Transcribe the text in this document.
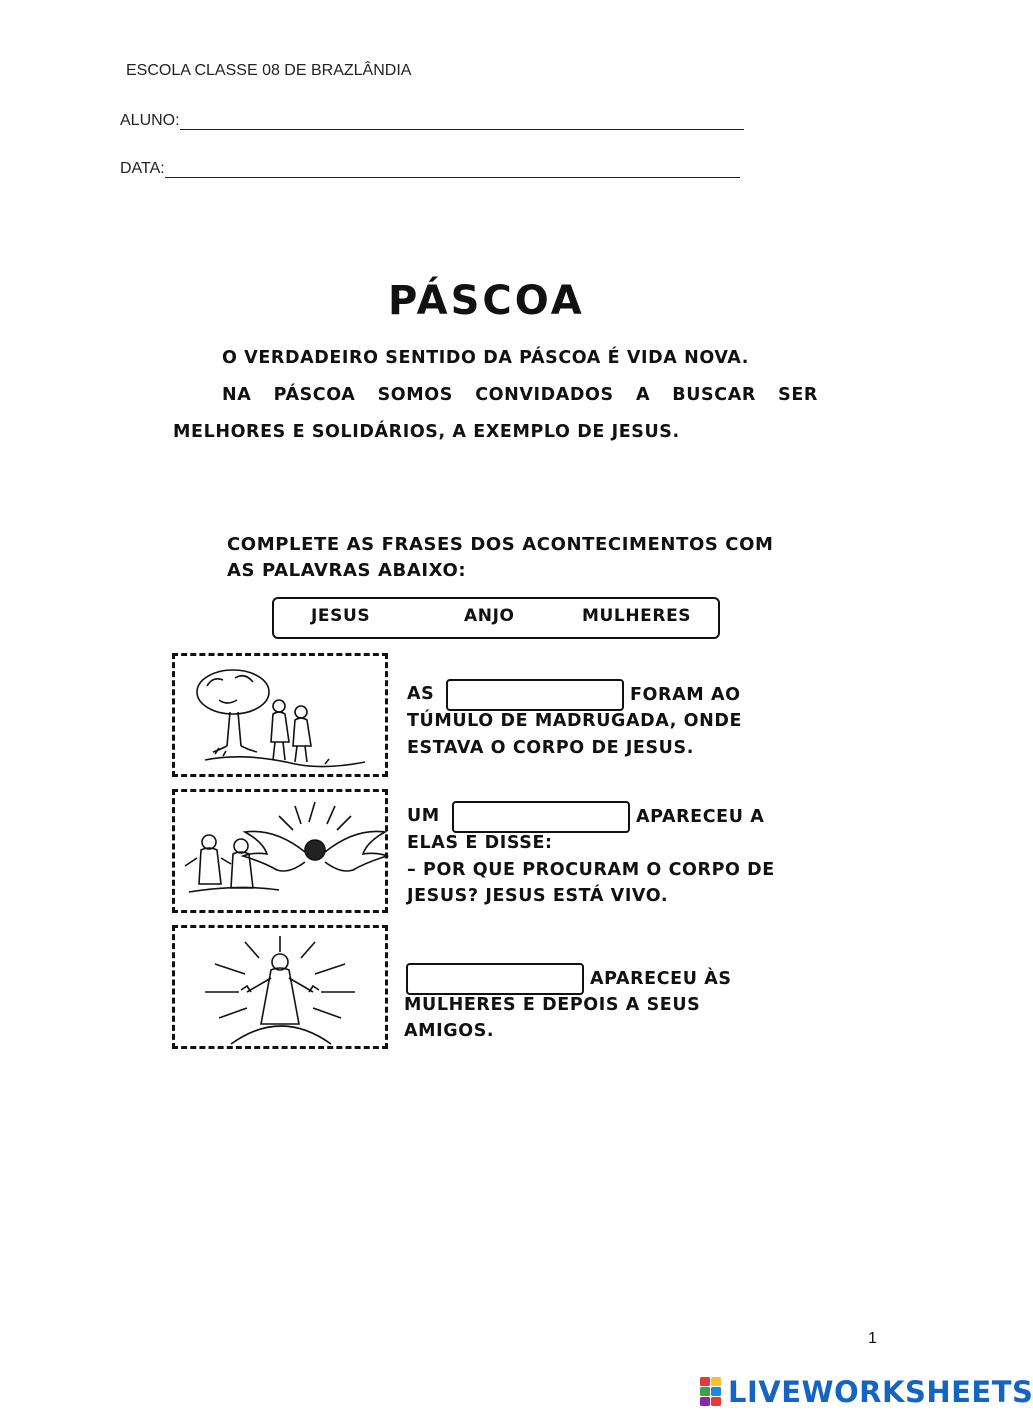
ESCOLA CLASSE 08 DE BRAZLÂNDIA
ALUNO:
DATA:
PÁSCOA
O VERDADEIRO SENTIDO DA PÁSCOA É VIDA NOVA.
NA PÁSCOA SOMOS CONVIDADOS A BUSCAR SER
MELHORES E SOLIDÁRIOS, A EXEMPLO DE JESUS.
COMPLETE AS FRASES DOS ACONTECIMENTOS COM
AS PALAVRAS ABAIXO:
JESUS	ANJO	MULHERES
AS	FORAM AO
TÚMULO DE MADRUGADA, ONDE
ESTAVA O CORPO DE JESUS.
UM	APARECEU A
ELAS E DISSE:
– POR QUE PROCURAM O CORPO DE
JESUS? JESUS ESTÁ VIVO.
APARECEU ÀS
MULHERES E DEPOIS A SEUS
AMIGOS.
1
LIVEWORKSHEETS
